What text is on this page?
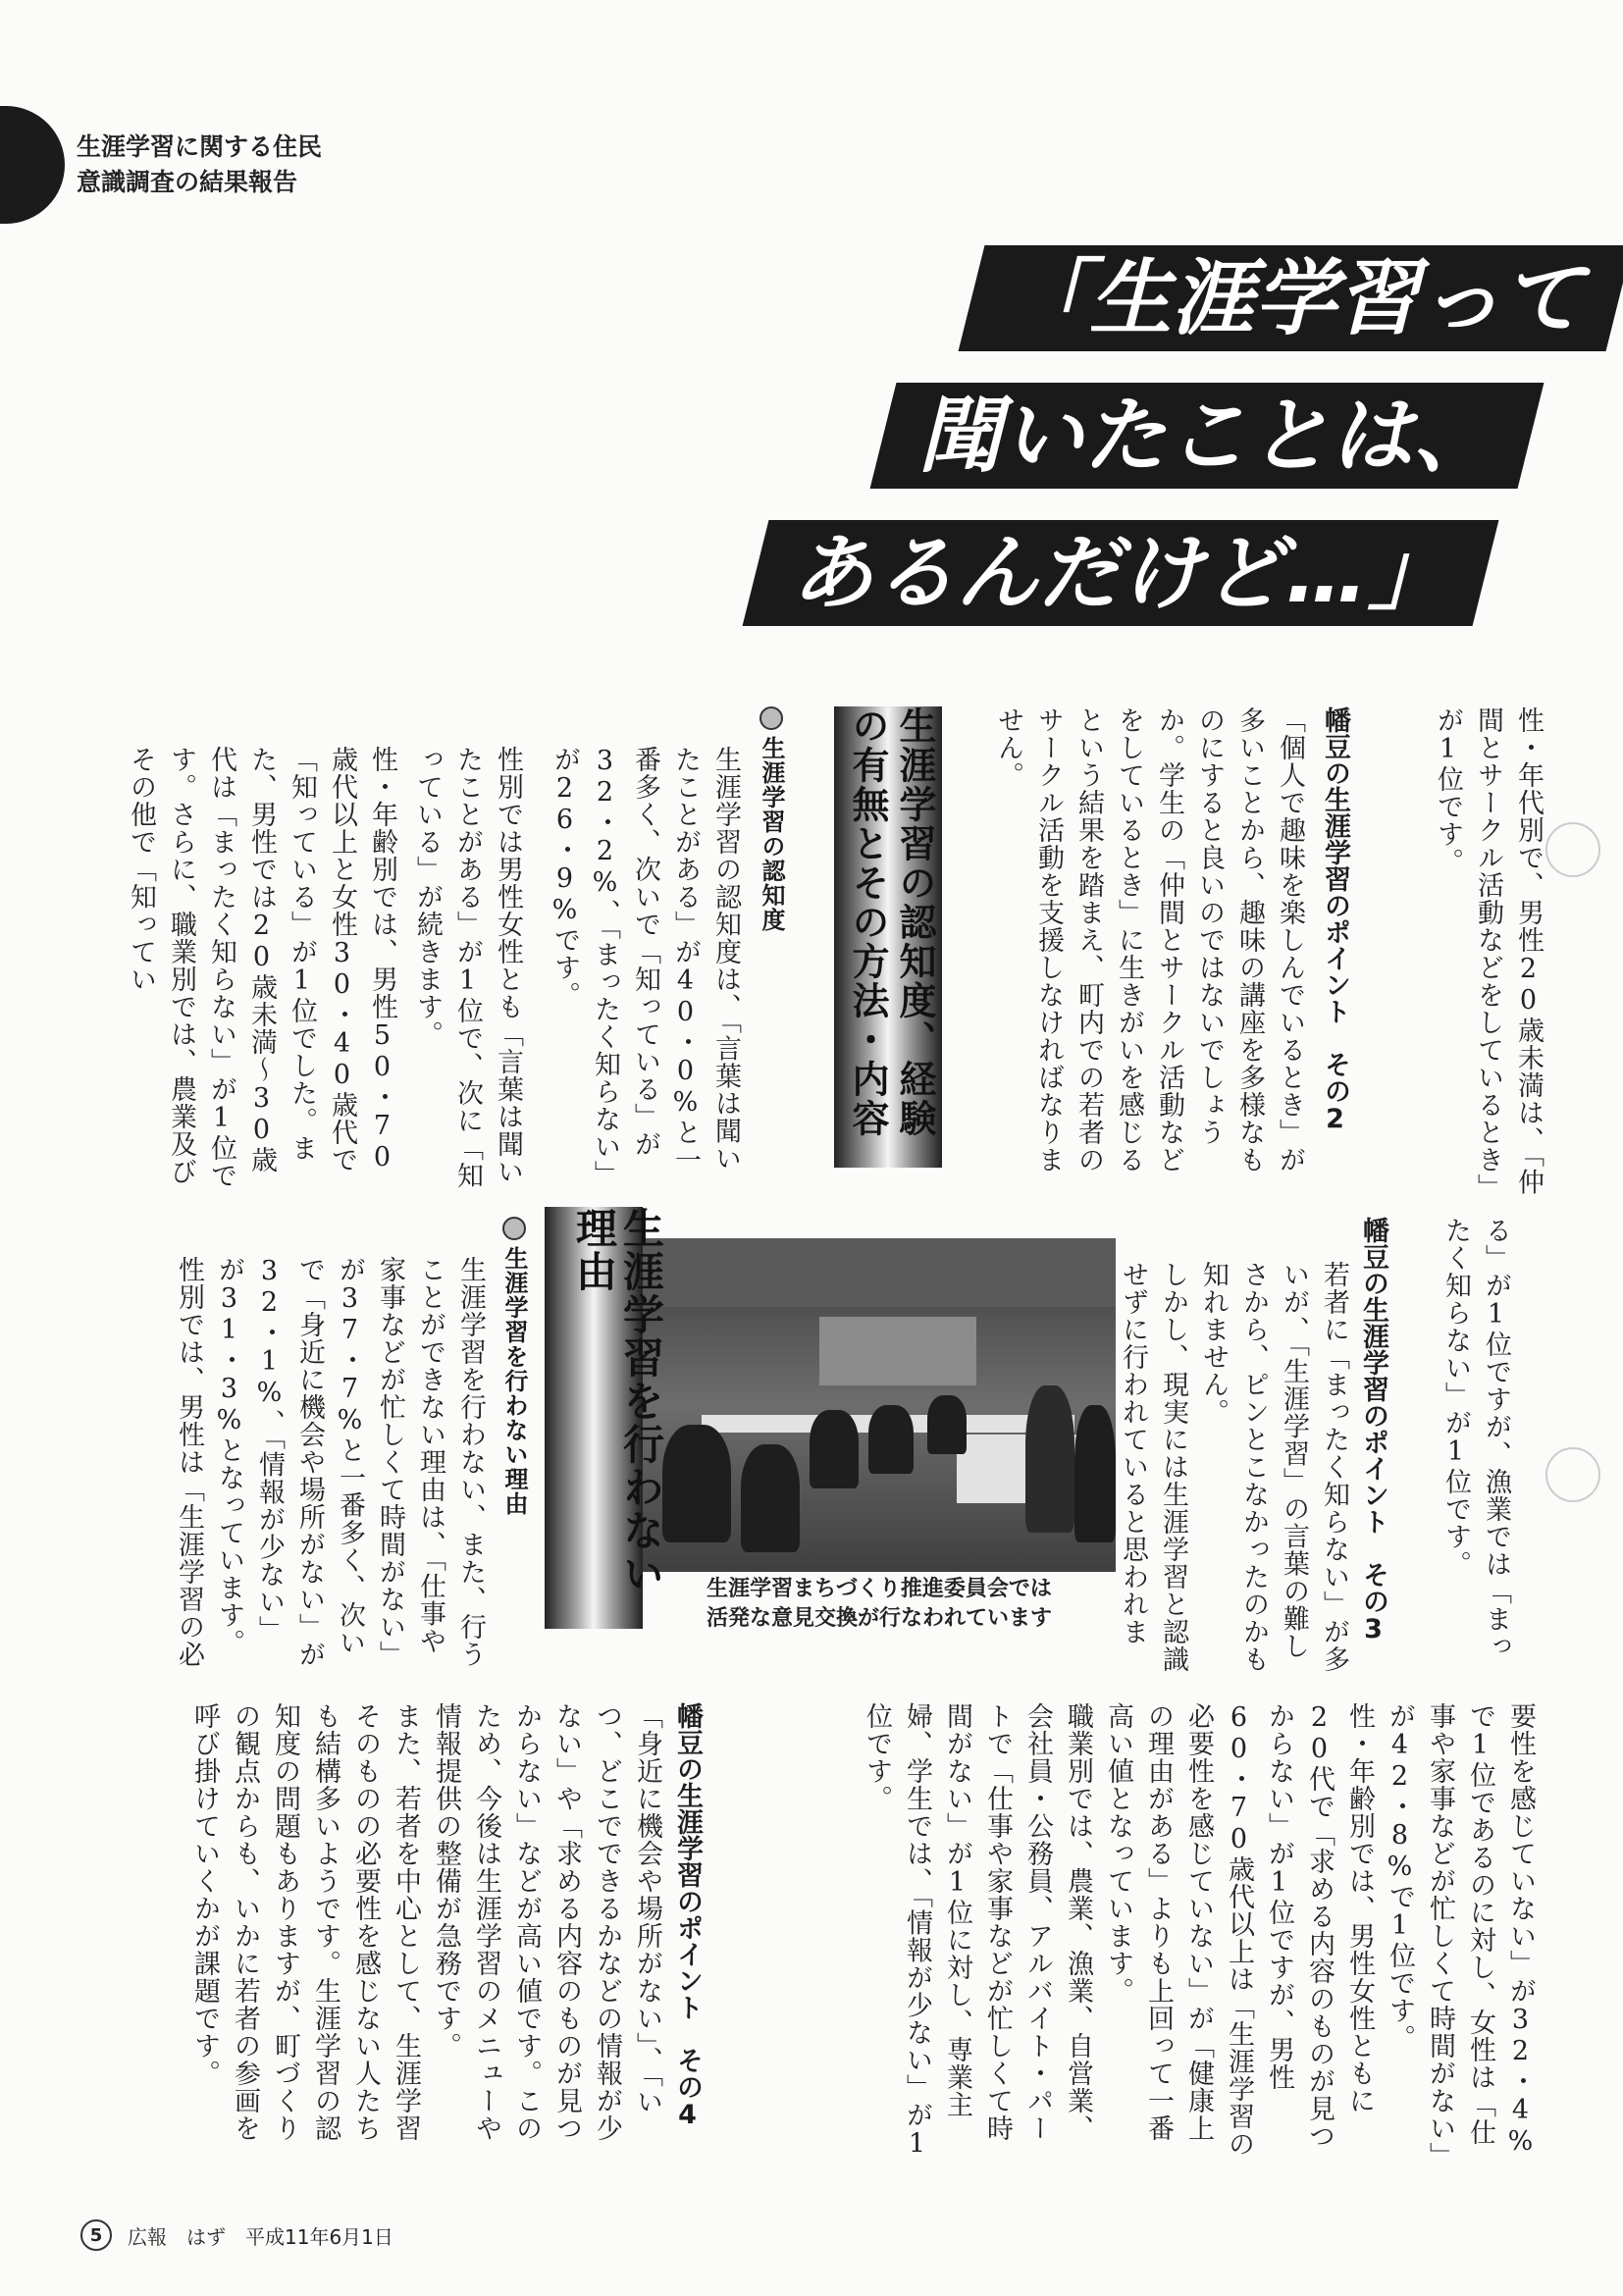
生涯学習に関する住民
意識調査の結果報告
「生涯学習って
聞いたことは、
あるんだけど…」
性・年代別で、男性20歳未満は、「仲間とサークル活動などをしているとき」が1位です。
幡豆の生涯学習のポイント　その2
「個人で趣味を楽しんでいるとき」が多いことから、趣味の講座を多様なものにすると良いのではないでしょうか。学生の「仲間とサークル活動などをしているとき」に生きがいを感じるという結果を踏まえ、町内での若者のサークル活動を支援しなければなりません。
生涯学習の認知度、経験の有無とその方法・内容
生涯学習の認知度
生涯学習の認知度は、「言葉は聞いたことがある」が40・0%と一番多く、次いで「知っている」が32・2%、「まったく知らない」が26・9%です。
性別では男性女性とも「言葉は聞いたことがある」が1位で、次に「知っている」が続きます。
性・年齢別では、男性50・70歳代以上と女性30・40歳代で「知っている」が1位でした。また、男性では20歳未満～30歳代は「まったく知らない」が1位です。さらに、職業別では、農業及びその他で「知ってい
る」が1位ですが、漁業では「まったく知らない」が1位です。
幡豆の生涯学習のポイント　その3
若者に「まったく知らない」が多いが、「生涯学習」の言葉の難しさから、ピンとこなかったのかも知れません。
しかし、現実には生涯学習と認識せずに行われていると思われま
生涯学習まちづくり推進委員会では
活発な意見交換が行なわれています
生涯学習を行わない理由
生涯学習を行わない理由
生涯学習を行わない、また、行うことができない理由は、「仕事や家事などが忙しくて時間がない」が37・7%と一番多く、次いで「身近に機会や場所がない」が32・1%、「情報が少ない」が31・3%となっています。
性別では、男性は「生涯学習の必
要性を感じていない」が32・4%で1位であるのに対し、女性は「仕事や家事などが忙しくて時間がない」が42・8%で1位です。
性・年齢別では、男性女性ともに20代で「求める内容のものが見つからない」が1位ですが、男性60・70歳代以上は「生涯学習の必要性を感じていない」が「健康上の理由がある」よりも上回って一番高い値となっています。
職業別では、農業、漁業、自営業、会社員・公務員、アルバイト・パートで「仕事や家事などが忙しくて時間がない」が1位に対し、専業主婦、学生では、「情報が少ない」が1位です。
幡豆の生涯学習のポイント　その4
「身近に機会や場所がない」、「いつ、どこでできるかなどの情報が少ない」や「求める内容のものが見つからない」などが高い値です。このため、今後は生涯学習のメニューや情報提供の整備が急務です。
また、若者を中心として、生涯学習そのものの必要性を感じない人たちも結構多いようです。生涯学習の認知度の問題もありますが、町づくりの観点からも、いかに若者の参画を呼び掛けていくかが課題です。
5	広報　はず　平成11年6月1日
